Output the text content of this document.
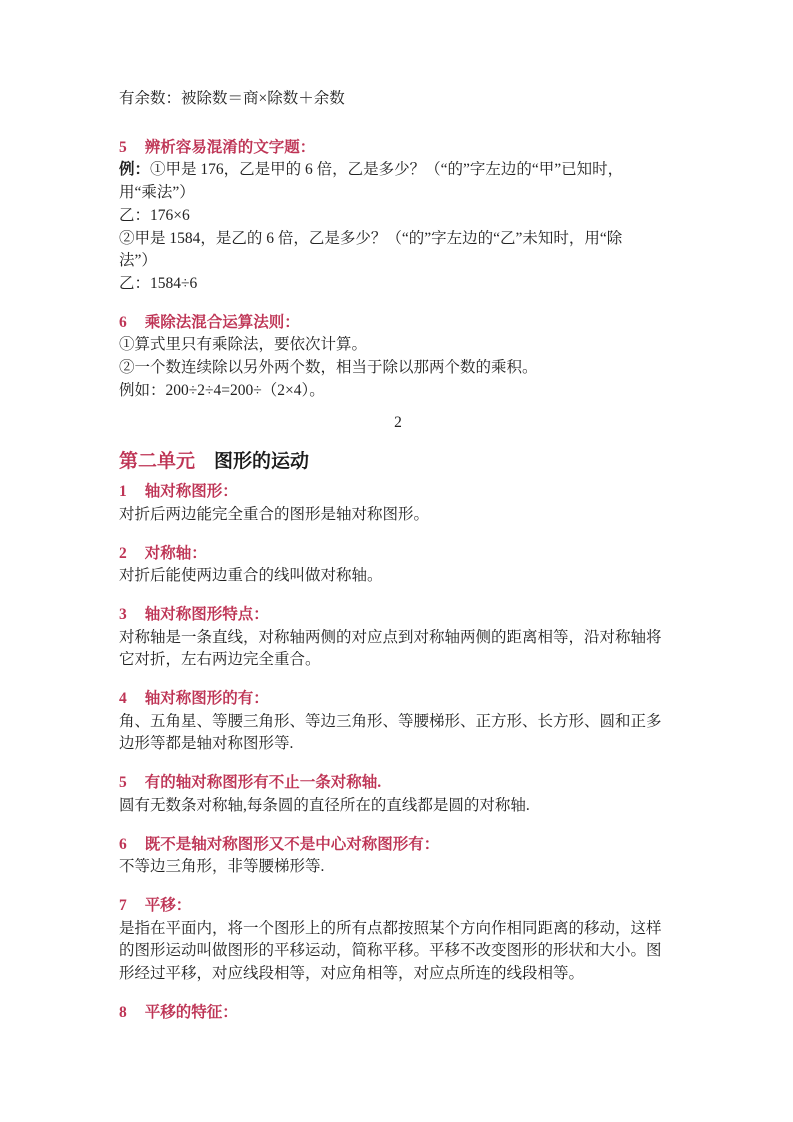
有余数：被除数＝商×除数＋余数

5 辨析容易混淆的文字题：

例：①甲是 176，乙是甲的 6 倍，乙是多少？（“的”字左边的“甲”已知时，

用“乘法”）

乙：176×6

②甲是 1584，是乙的 6 倍，乙是多少？（“的”字左边的“乙”未知时，用“除

法”）

乙：1584÷6

6 乘除法混合运算法则：

①算式里只有乘除法，要依次计算。

②一个数连续除以另外两个数，相当于除以那两个数的乘积。

例如：200÷2÷4=200÷（2×4）。

2

第二单元 图形的运动
1 轴对称图形：

对折后两边能完全重合的图形是轴对称图形。

2 对称轴：

对折后能使两边重合的线叫做对称轴。

3 轴对称图形特点：

对称轴是一条直线，对称轴两侧的对应点到对称轴两侧的距离相等，沿对称轴将

它对折，左右两边完全重合。

4 轴对称图形的有：

角、五角星、等腰三角形、等边三角形、等腰梯形、正方形、长方形、圆和正多

边形等都是轴对称图形等.

5 有的轴对称图形有不止一条对称轴.

圆有无数条对称轴,每条圆的直径所在的直线都是圆的对称轴.

6 既不是轴对称图形又不是中心对称图形有：

不等边三角形，非等腰梯形等.

7 平移：

是指在平面内，将一个图形上的所有点都按照某个方向作相同距离的移动，这样

的图形运动叫做图形的平移运动，简称平移。平移不改变图形的形状和大小。图

形经过平移，对应线段相等，对应角相等，对应点所连的线段相等。

8 平移的特征：
